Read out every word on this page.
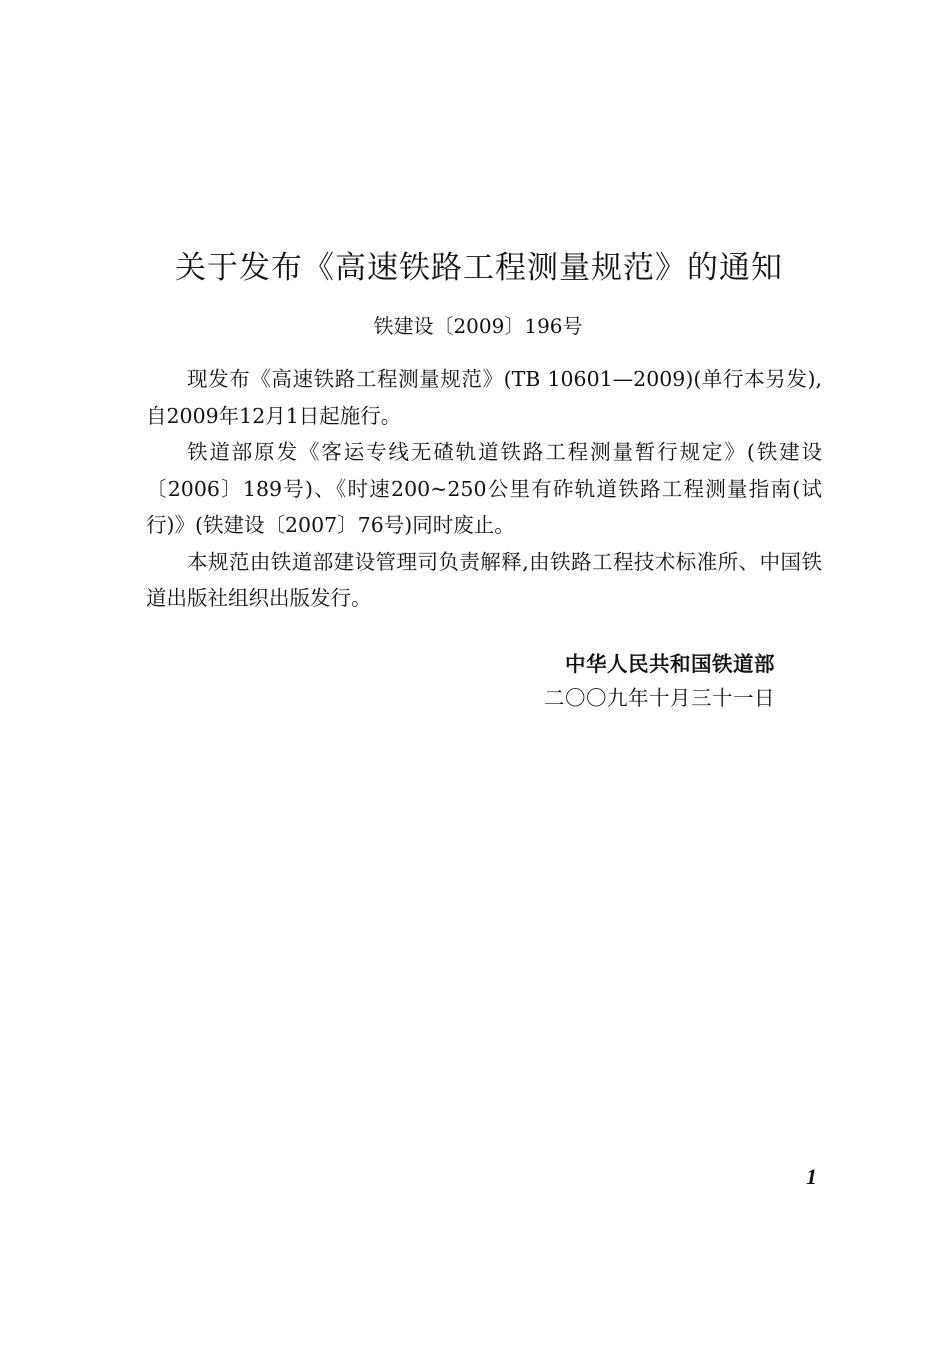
关于发布《高速铁路工程测量规范》的通知
铁建设〔2009〕196号

现发布《高速铁路工程测量规范》(TB 10601—2009)(单行本另发),自2009年12月1日起施行。

铁道部原发《客运专线无碴轨道铁路工程测量暂行规定》(铁建设〔2006〕189号)、《时速200~250公里有砟轨道铁路工程测量指南(试行)》(铁建设〔2007〕76号)同时废止。

本规范由铁道部建设管理司负责解释,由铁路工程技术标准所、中国铁道出版社组织出版发行。

中华人民共和国铁道部
二〇〇九年十月三十一日
1
